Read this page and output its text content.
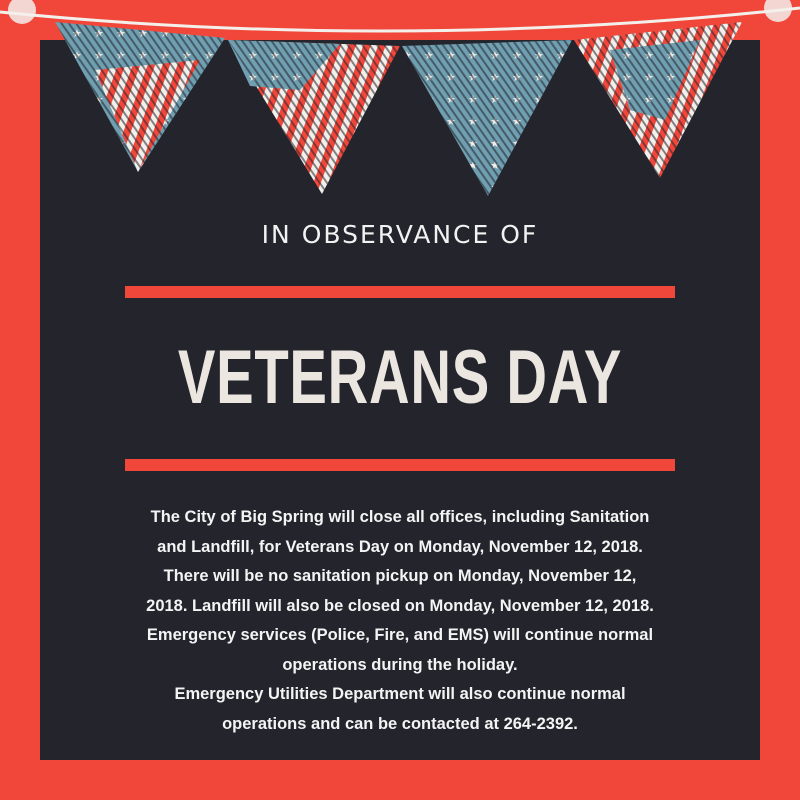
IN OBSERVANCE OF
VETERANS DAY
The City of Big Spring will close all offices, including Sanitation
and Landfill, for Veterans Day on Monday, November 12, 2018.
There will be no sanitation pickup on Monday, November 12,
2018. Landfill will also be closed on Monday, November 12, 2018.
Emergency services (Police, Fire, and EMS) will continue normal
operations during the holiday.
Emergency Utilities Department will also continue normal
operations and can be contacted at 264-2392.
